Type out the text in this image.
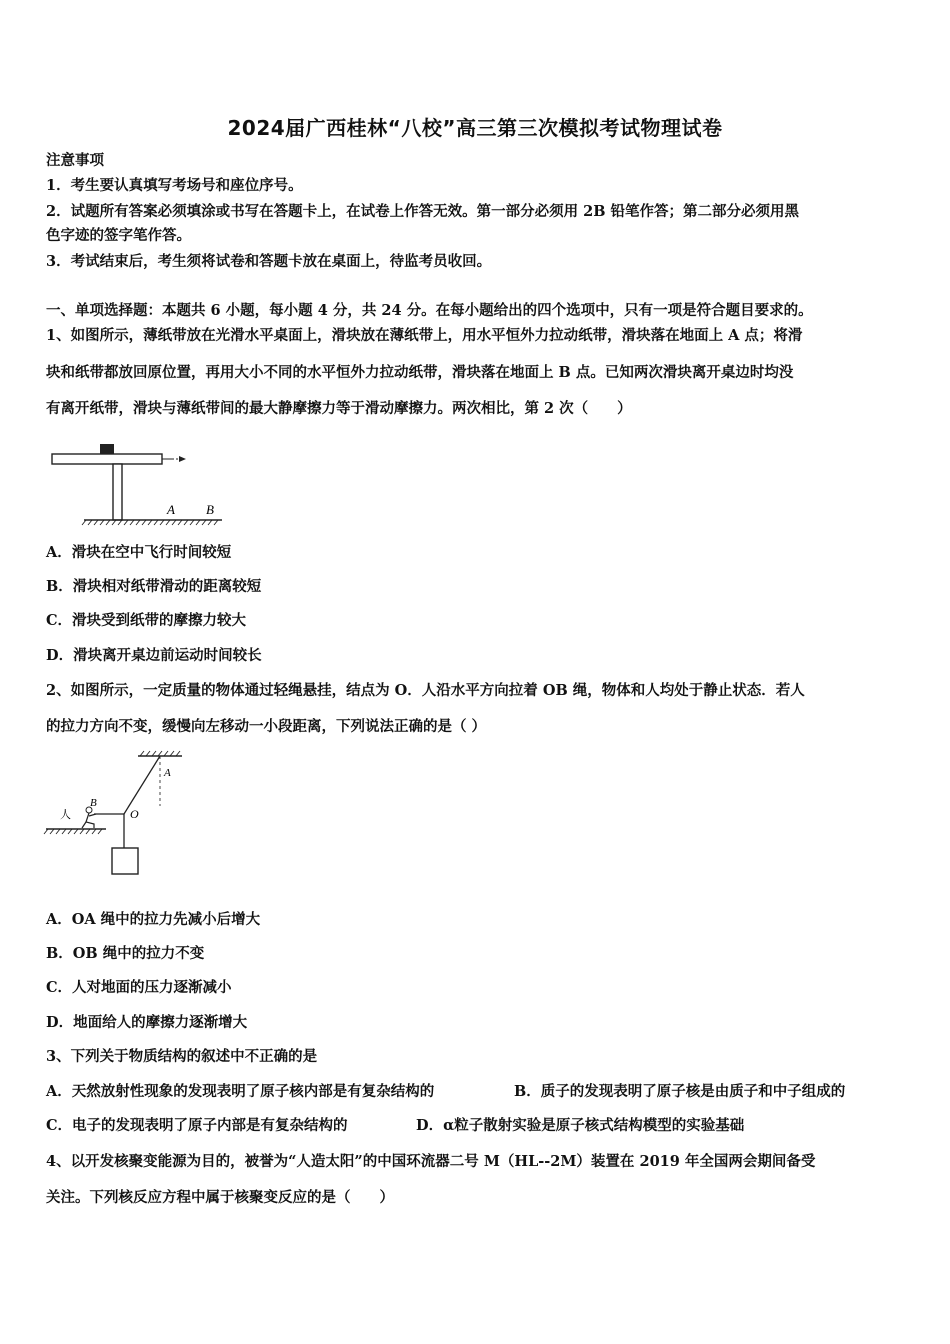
2024届广西桂林“八校”高三第三次模拟考试物理试卷
注意事项
1．考生要认真填写考场号和座位序号。
2．试题所有答案必须填涂或书写在答题卡上，在试卷上作答无效。第一部分必须用 2B 铅笔作答；第二部分必须用黑
色字迹的签字笔作答。
3．考试结束后，考生须将试卷和答题卡放在桌面上，待监考员收回。
一、单项选择题：本题共 6 小题，每小题 4 分，共 24 分。在每小题给出的四个选项中，只有一项是符合题目要求的。
1、如图所示，薄纸带放在光滑水平桌面上，滑块放在薄纸带上，用水平恒外力拉动纸带，滑块落在地面上 A 点；将滑
块和纸带都放回原位置，再用大小不同的水平恒外力拉动纸带，滑块落在地面上 B 点。已知两次滑块离开桌边时均没
有离开纸带，滑块与薄纸带间的最大静摩擦力等于滑动摩擦力。两次相比，第 2 次（　　）
A B
A．滑块在空中飞行时间较短
B．滑块相对纸带滑动的距离较短
C．滑块受到纸带的摩擦力较大
D．滑块离开桌边前运动时间较长
2、如图所示，一定质量的物体通过轻绳悬挂，结点为 O．人沿水平方向拉着 OB 绳，物体和人均处于静止状态．若人
的拉力方向不变，缓慢向左移动一小段距离，下列说法正确的是（ ）
A
B
O
人
A．OA 绳中的拉力先减小后增大
B．OB 绳中的拉力不变
C．人对地面的压力逐渐减小
D．地面给人的摩擦力逐渐增大
3、下列关于物质结构的叙述中不正确的是
A．天然放射性现象的发现表明了原子核内部是有复杂结构的	B．质子的发现表明了原子核是由质子和中子组成的
C．电子的发现表明了原子内部是有复杂结构的	D．α粒子散射实验是原子核式结构模型的实验基础
4、以开发核聚变能源为目的，被誉为“人造太阳”的中国环流器二号 M（HL--2M）装置在 2019 年全国两会期间备受
关注。下列核反应方程中属于核聚变反应的是（　　）
